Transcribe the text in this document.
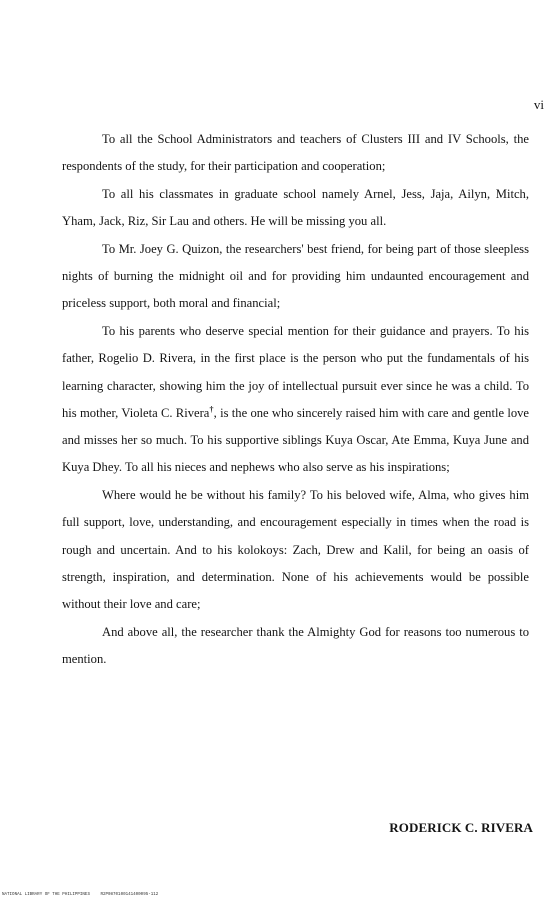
vi

To all the School Administrators and teachers of Clusters III and IV Schools, the respondents of the study, for their participation and cooperation;

To all his classmates in graduate school namely Arnel, Jess, Jaja, Ailyn, Mitch, Yham, Jack, Riz, Sir Lau and others. He will be missing you all.

To Mr. Joey G. Quizon, the researchers' best friend, for being part of those sleepless nights of burning the midnight oil and for providing him undaunted encouragement and priceless support, both moral and financial;

To his parents who deserve special mention for their guidance and prayers. To his father, Rogelio D. Rivera, in the first place is the person who put the fundamentals of his learning character, showing him the joy of intellectual pursuit ever since he was a child. To his mother, Violeta C. Rivera†, is the one who sincerely raised him with care and gentle love and misses her so much. To his supportive siblings Kuya Oscar, Ate Emma, Kuya June and Kuya Dhey. To all his nieces and nephews who also serve as his inspirations;

Where would he be without his family? To his beloved wife, Alma, who gives him full support, love, understanding, and encouragement especially in times when the road is rough and uncertain. And to his kolokoys: Zach, Drew and Kalil, for being an oasis of strength, inspiration, and determination. None of his achievements would be possible without their love and care;

And above all, the researcher thank the Almighty God for reasons too numerous to mention.

RODERICK C. RIVERA
NATIONAL LIBRARY OF THE PHILIPPINES	R2P0870100141400095-112
